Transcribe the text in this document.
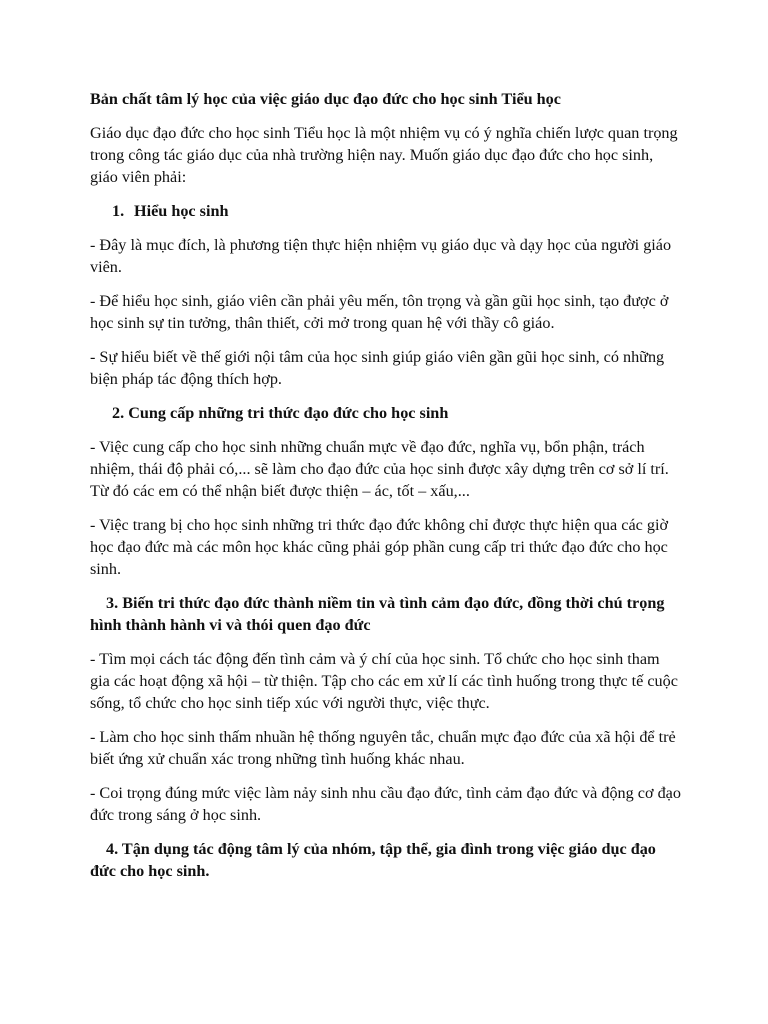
Bản chất tâm lý học của việc giáo dục đạo đức cho học sinh Tiểu học

Giáo dục đạo đức cho học sinh Tiểu học là một nhiệm vụ có ý nghĩa chiến lược quan trọng trong công tác giáo dục của nhà trường hiện nay. Muốn giáo dục đạo đức cho học sinh, giáo viên phải:

1. Hiểu học sinh

- Đây là mục đích, là phương tiện thực hiện nhiệm vụ giáo dục và dạy học của người giáo viên.

- Để hiểu học sinh, giáo viên cần phải yêu mến, tôn trọng và gần gũi học sinh, tạo được ở học sinh sự tin tưởng, thân thiết, cởi mở trong quan hệ với thầy cô giáo.

- Sự hiểu biết về thế giới nội tâm của học sinh giúp giáo viên gần gũi học sinh, có những biện pháp tác động thích hợp.

2. Cung cấp những tri thức đạo đức cho học sinh

- Việc cung cấp cho học sinh những chuẩn mực về đạo đức, nghĩa vụ, bổn phận, trách nhiệm, thái độ phải có,... sẽ làm cho đạo đức của học sinh được xây dựng trên cơ sở lí trí. Từ đó các em có thể nhận biết được thiện – ác, tốt – xấu,...

- Việc trang bị cho học sinh những tri thức đạo đức không chỉ được thực hiện qua các giờ học đạo đức mà các môn học khác cũng phải góp phần cung cấp tri thức đạo đức cho học sinh.

3. Biến tri thức đạo đức thành niềm tin và tình cảm đạo đức, đồng thời chú trọng hình thành hành vi và thói quen đạo đức

- Tìm mọi cách tác động đến tình cảm và ý chí của học sinh. Tổ chức cho học sinh tham gia các hoạt động xã hội – từ thiện. Tập cho các em xử lí các tình huống trong thực tế cuộc sống, tổ chức cho học sinh tiếp xúc với người thực, việc thực.

- Làm cho học sinh thấm nhuần hệ thống nguyên tắc, chuẩn mực đạo đức của xã hội để trẻ biết ứng xử chuẩn xác trong những tình huống khác nhau.

- Coi trọng đúng mức việc làm nảy sinh nhu cầu đạo đức, tình cảm đạo đức và động cơ đạo đức trong sáng ở học sinh.

4. Tận dụng tác động tâm lý của nhóm, tập thể, gia đình trong việc giáo dục đạo đức cho học sinh.
